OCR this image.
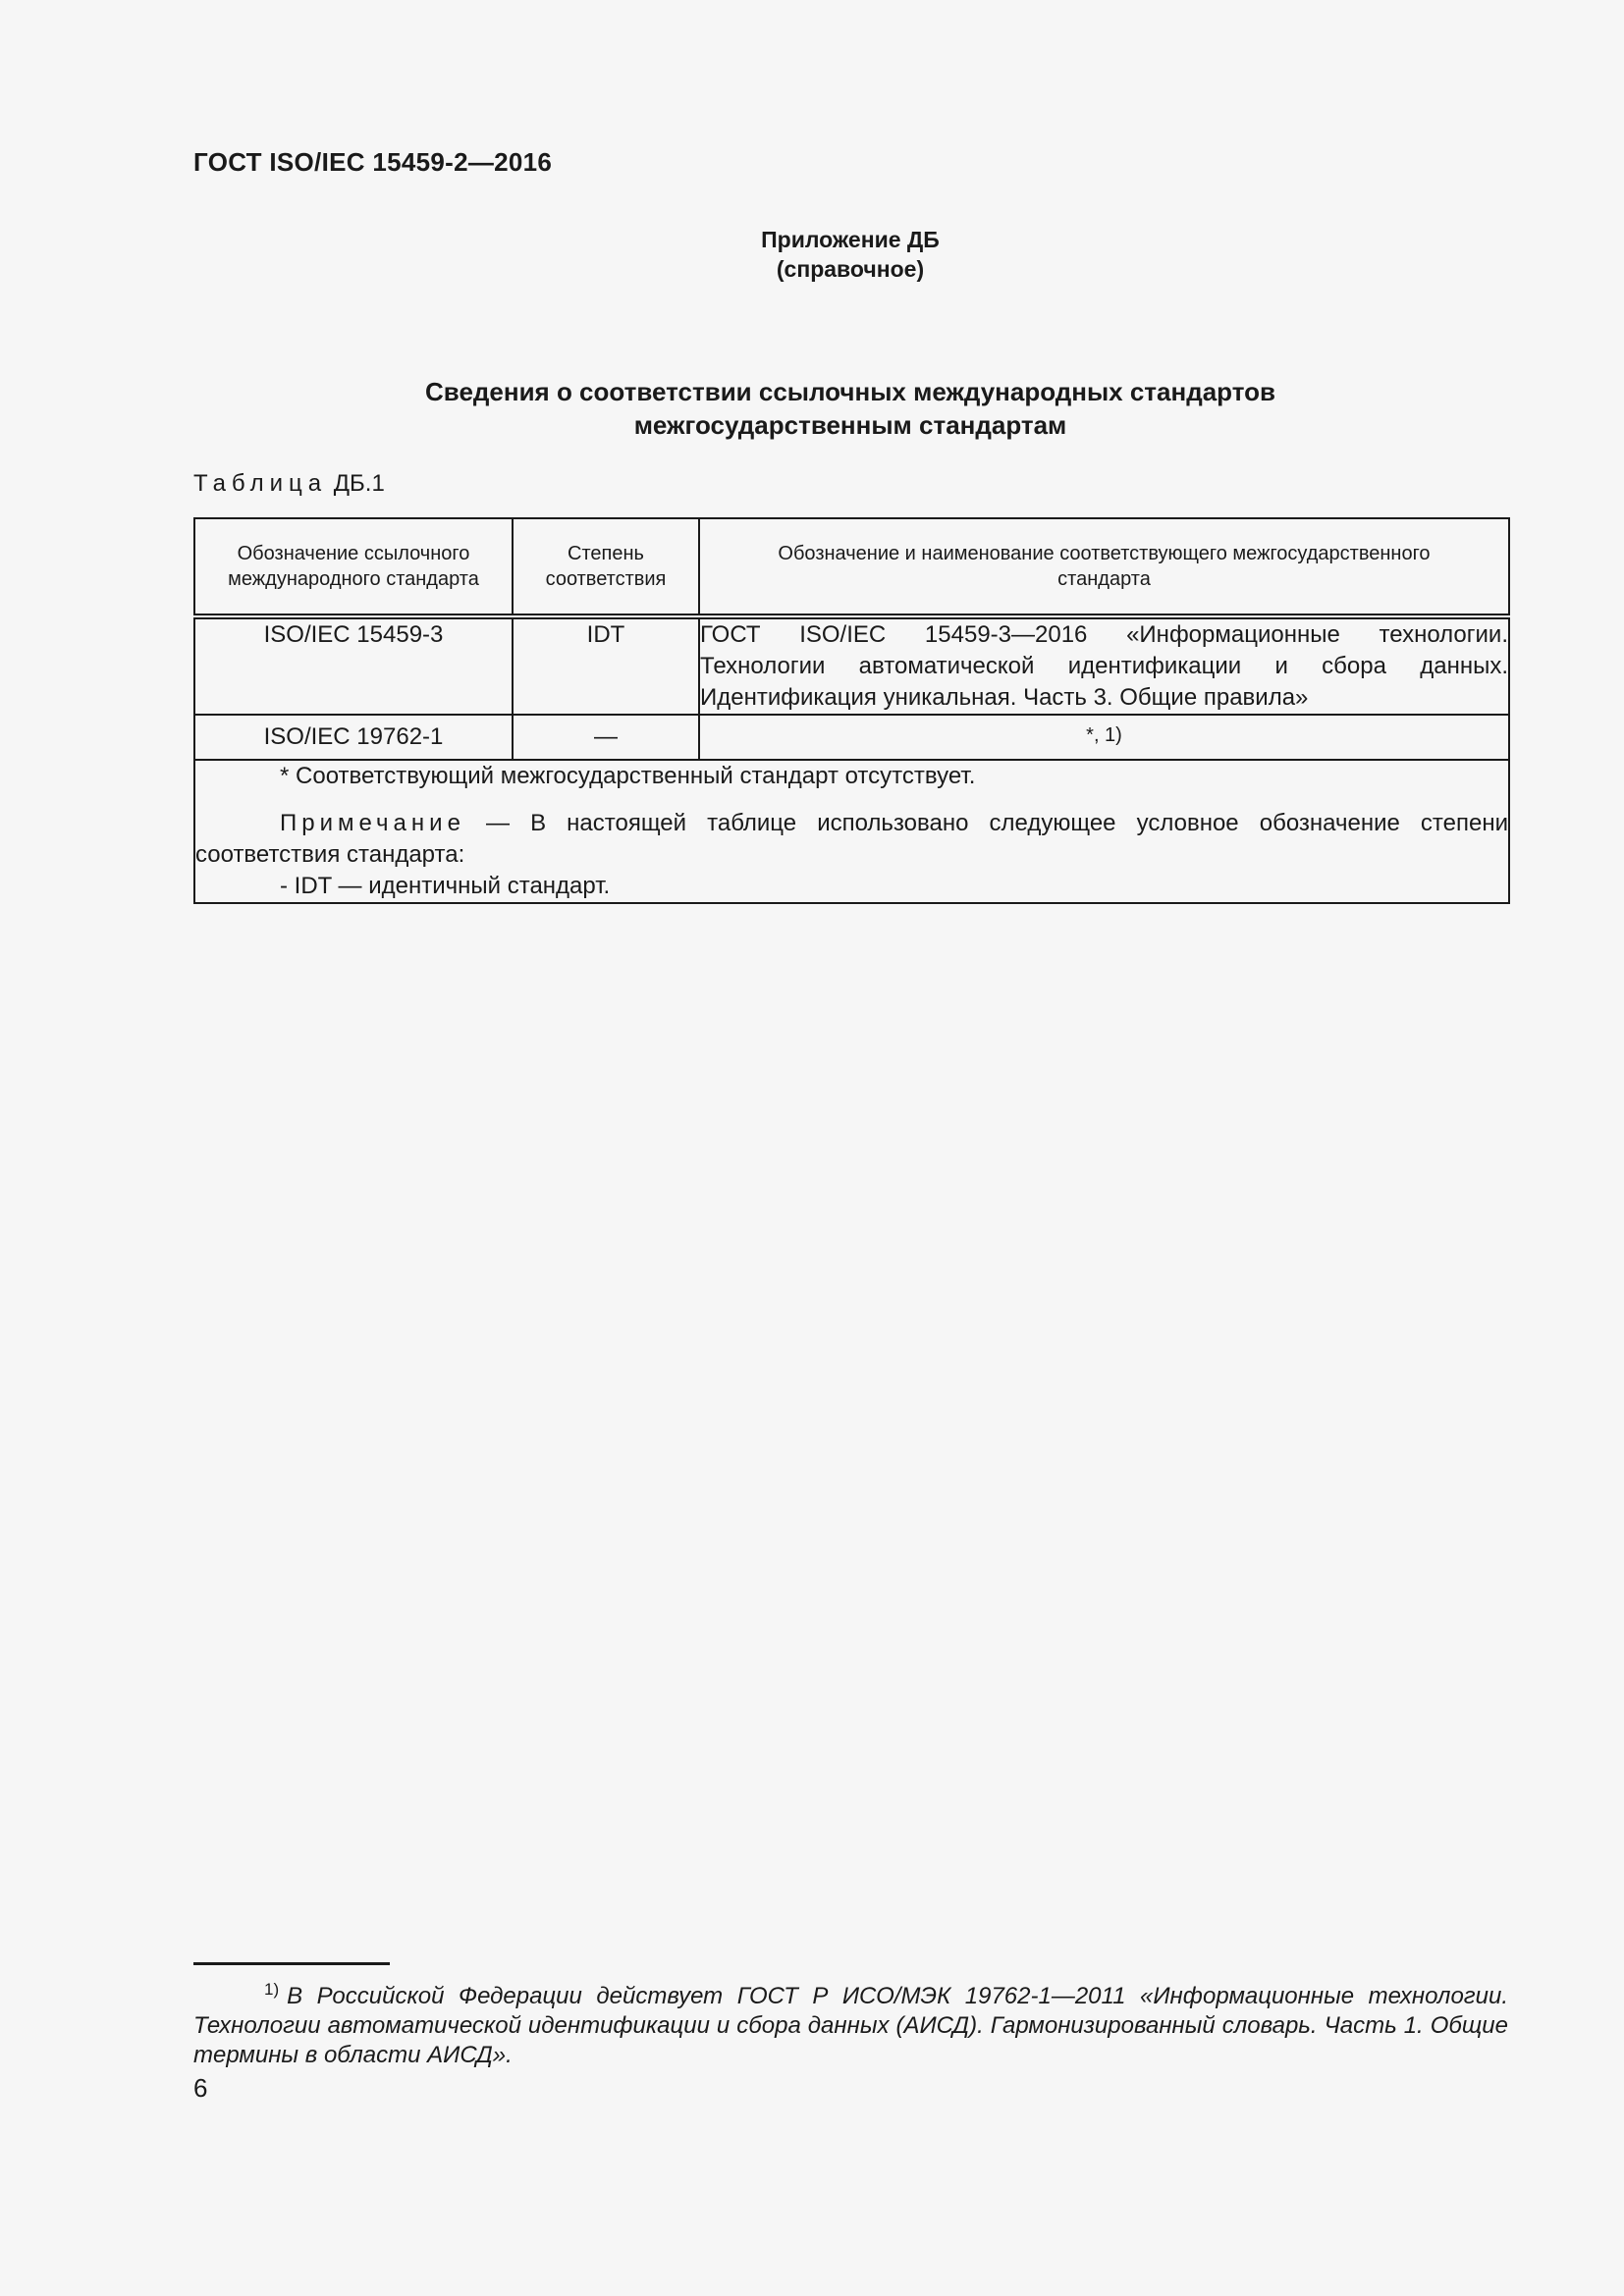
ГОСТ ISO/IEC 15459-2—2016
Приложение ДБ
(справочное)
Сведения о соответствии ссылочных международных стандартов
межгосударственным стандартам
Таблица ДБ.1
Обозначение ссылочного международного стандарта	Степень соответствия	Обозначение и наименование соответствующего межгосударственного стандарта
ISO/IEC 15459-3	IDT	ГОСТ ISO/IEC 15459-3—2016 «Информационные технологии. Технологии автоматической идентификации и сбора данных. Идентификация уникальная. Часть 3. Общие правила»
ISO/IEC 19762-1	—	*, 1)

* Соответствующий межгосударственный стандарт отсутствует.

Примечание — В настоящей таблице использовано следующее условное обозначение степени соответствия стандарта:

- IDT — идентичный стандарт.		

$^{1)}$ В Российской Федерации действует ГОСТ Р ИСО/МЭК 19762-1—2011 «Информационные технологии. Технологии автоматической идентификации и сбора данных (АИСД). Гармонизированный словарь. Часть 1. Общие термины в области АИСД».
6
